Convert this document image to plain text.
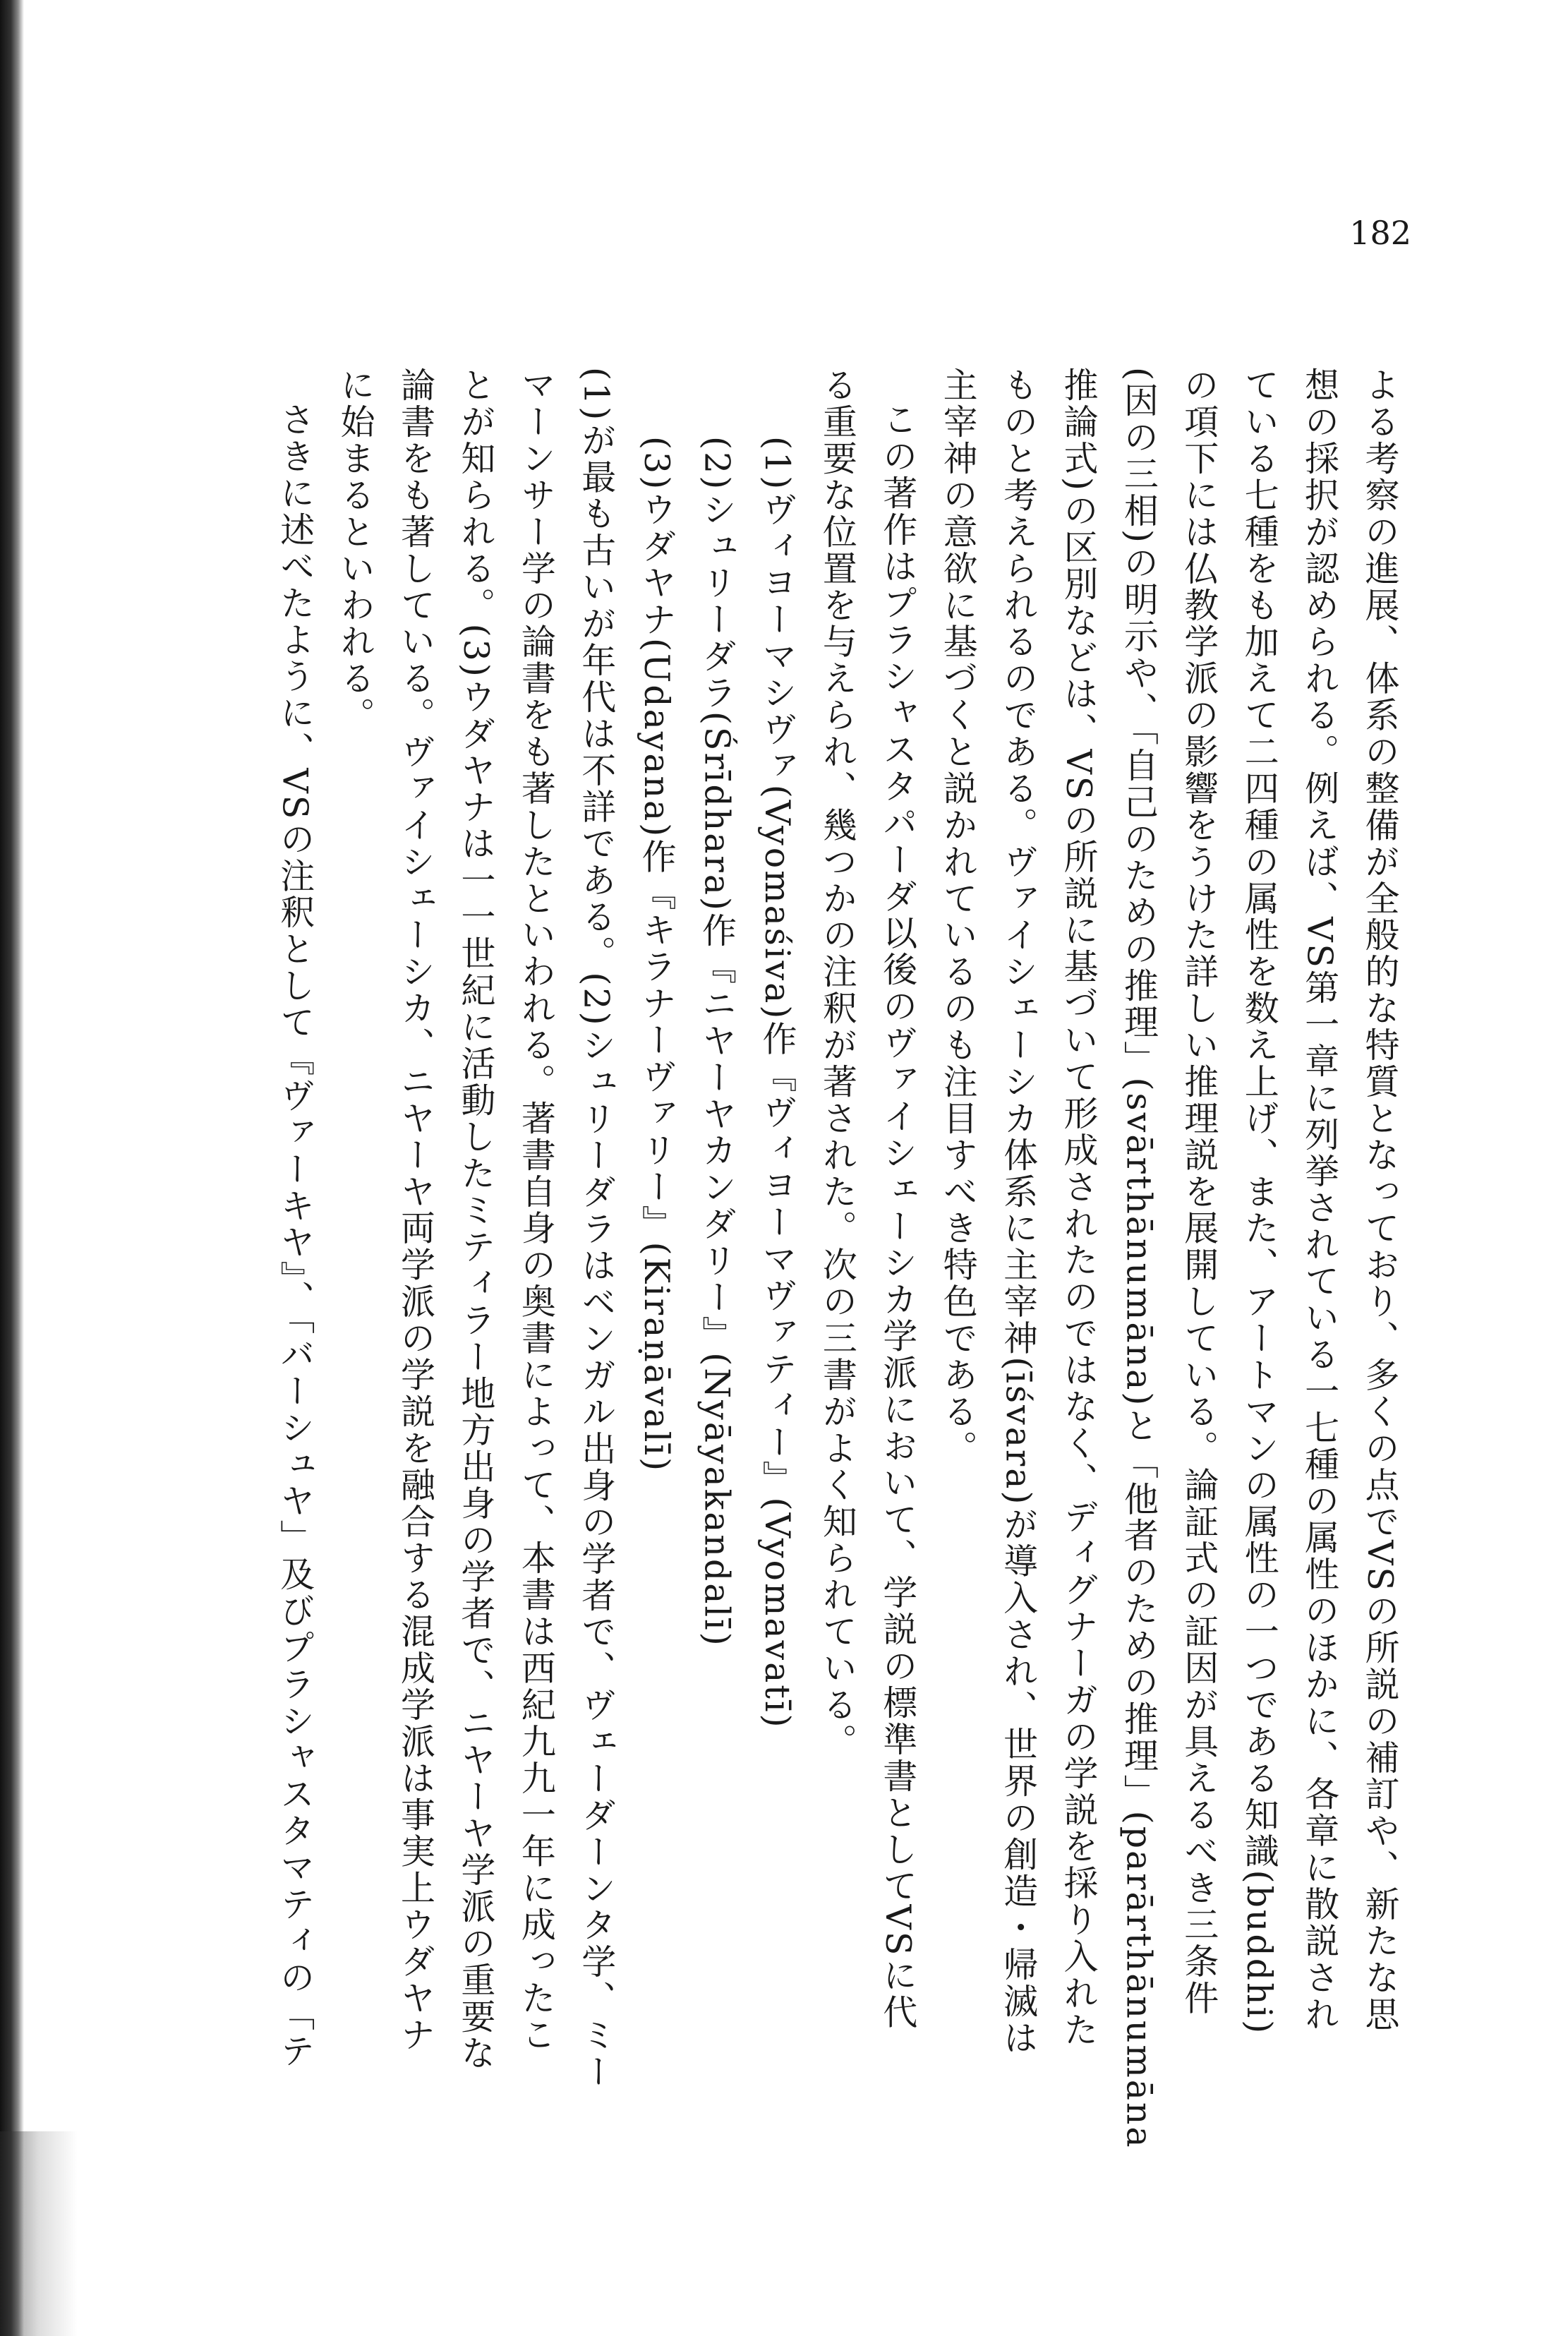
182
よる考察の進展、体系の整備が全般的な特質となっており、多くの点でVSの所説の補訂や、新たな思
想の採択が認められる。例えば、VS第一章に列挙されている一七種の属性のほかに、各章に散説され
ている七種をも加えて二四種の属性を数え上げ、また、アートマンの属性の一つである知識(buddhi)
の項下には仏教学派の影響をうけた詳しい推理説を展開している。論証式の証因が具えるべき三条件
(因の三相)の明示や、「自己のための推理」(svārthānumāna)と「他者のための推理」(parārthānumāna
推論式)の区別などは、VSの所説に基づいて形成されたのではなく、ディグナーガの学説を採り入れた
ものと考えられるのである。ヴァイシェーシカ体系に主宰神(īśvara)が導入され、世界の創造・帰滅は
主宰神の意欲に基づくと説かれているのも注目すべき特色である。
この著作はプラシャスタパーダ以後のヴァイシェーシカ学派において、学説の標準書としてVSに代
る重要な位置を与えられ、幾つかの注釈が著された。次の三書がよく知られている。
(1)ヴィヨーマシヴァ(Vyomaśiva)作『ヴィヨーマヴァティー』(Vyomavatī)
(2)シュリーダラ(Śrīdhara)作『ニヤーヤカンダリー』(Nyāyakandalī)
(3)ウダヤナ(Udayana)作『キラナーヴァリー』(Kiraṇāvalī)
(1)が最も古いが年代は不詳である。(2)シュリーダラはベンガル出身の学者で、ヴェーダーンタ学、ミー
マーンサー学の論書をも著したといわれる。著書自身の奥書によって、本書は西紀九九一年に成ったこ
とが知られる。(3)ウダヤナは一一世紀に活動したミティラー地方出身の学者で、ニヤーヤ学派の重要な
論書をも著している。ヴァイシェーシカ、ニヤーヤ両学派の学説を融合する混成学派は事実上ウダヤナ
に始まるといわれる。
さきに述べたように、VSの注釈として『ヴァーキヤ』、「バーシュヤ」及びプラシャスタマティの「テ
